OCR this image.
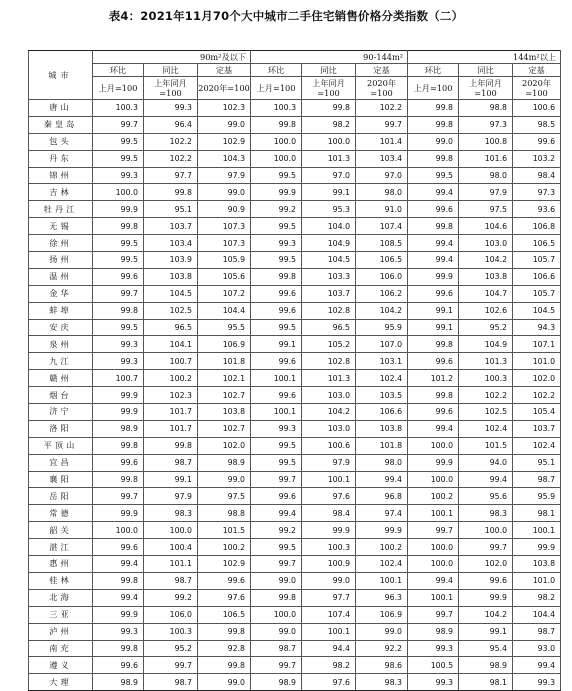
表4：2021年11月70个大中城市二手住宅销售价格分类指数（二）
城市	90m²及以下			90-144m²			144m²以上		
	环比	同比	定基	环比	同比	定基	环比	同比	定基
	上月=100	上年同月=100	2020年=100	上月=100	上年同月=100	2020年=100	上月=100	上年同月=100	2020年=100
唐山	100.3	99.3	102.3	100.3	99.8	102.2	99.8	98.8	100.6
秦皇岛	99.7	96.4	99.0	99.8	98.2	99.7	99.8	97.3	98.5
包头	99.5	102.2	102.9	100.0	100.0	101.4	99.0	100.8	99.6
丹东	99.5	102.2	104.3	100.0	101.3	103.4	99.8	101.6	103.2
锦州	99.3	97.7	97.9	99.5	97.0	97.0	99.5	98.0	98.4
吉林	100.0	99.8	99.0	99.9	99.1	98.0	99.4	97.9	97.3
牡丹江	99.9	95.1	90.9	99.2	95.3	91.0	99.6	97.5	93.6
无锡	99.8	103.7	107.3	99.5	104.0	107.4	99.8	104.6	106.8
徐州	99.5	103.4	107.3	99.3	104.9	108.5	99.4	103.0	106.5
扬州	99.5	103.9	105.9	99.5	104.5	106.5	99.4	104.2	105.7
温州	99.6	103.8	105.6	99.8	103.3	106.0	99.9	103.8	106.6
金华	99.7	104.5	107.2	99.6	103.7	106.2	99.6	104.7	105.7
蚌埠	99.8	102.5	104.4	99.6	102.8	104.2	99.1	102.6	104.5
安庆	99.5	96.5	95.5	99.5	96.5	95.9	99.1	95.2	94.3
泉州	99.3	104.1	106.9	99.1	105.2	107.0	99.8	104.9	107.1
九江	99.3	100.7	101.8	99.6	102.8	103.1	99.6	101.3	101.0
赣州	100.7	100.2	102.1	100.1	101.3	102.4	101.2	100.3	102.0
烟台	99.9	102.3	102.7	99.6	103.0	103.5	99.8	102.2	102.2
济宁	99.9	101.7	103.8	100.1	104.2	106.6	99.6	102.5	105.4
洛阳	98.9	101.7	102.7	99.3	103.0	103.8	99.4	102.4	103.7
平顶山	99.8	99.8	102.0	99.5	100.6	101.8	100.0	101.5	102.4
宜昌	99.6	98.7	98.9	99.5	97.9	98.0	99.9	94.0	95.1
襄阳	99.8	99.1	99.0	99.7	100.1	99.4	100.0	99.4	98.7
岳阳	99.7	97.9	97.5	99.6	97.6	96.8	100.2	95.6	95.9
常德	99.9	98.3	98.8	99.4	98.4	97.4	100.1	98.3	98.1
韶关	100.0	100.0	101.5	99.2	99.9	99.9	99.7	100.0	100.1
湛江	99.6	100.4	100.2	99.5	100.3	100.2	100.0	99.7	99.9
惠州	99.4	101.1	102.9	99.7	100.9	102.4	100.0	102.0	103.8
桂林	99.8	98.7	99.6	99.0	99.0	100.1	99.4	99.6	101.0
北海	99.4	99.2	97.6	99.8	97.7	96.3	100.1	99.9	98.2
三亚	99.9	106.0	106.5	100.0	107.4	106.9	99.7	104.2	104.4
泸州	99.3	100.3	99.8	99.0	100.1	99.0	98.9	99.1	98.7
南充	99.8	95.2	92.8	98.7	94.4	92.2	99.3	95.4	93.0
遵义	99.6	99.7	99.8	99.7	98.2	98.6	100.5	98.9	99.4
大理	98.9	98.7	99.0	98.9	97.6	98.3	99.3	98.1	99.3
